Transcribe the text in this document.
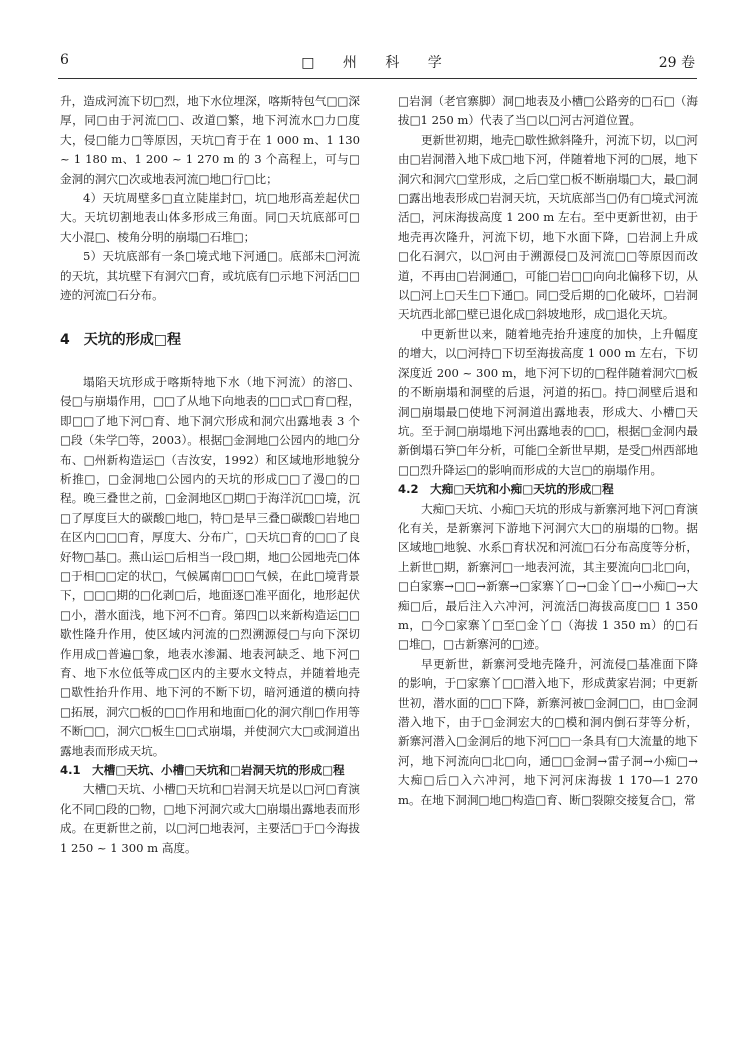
6	□ 州 科 学	29 卷

升，造成河流下切□烈，地下水位埋深，喀斯特包气□□深厚，同□由于河流□□、改道□繁，地下河流水□力□度大，侵□能力□等原因，天坑□育于在 1 000 m、1 130 ~ 1 180 m、1 200 ~ 1 270 m 的 3 个高程上，可与□金洞的洞穴□次或地表河流□地□行□比；

4）天坑周壁多□直立陡崖封□，坑□地形高差起伏□大。天坑切割地表山体多形成三角面。同□天坑底部可□大小混□、棱角分明的崩塌□石堆□；

5）天坑底部有一条□境式地下河通□。底部未□河流的天坑，其坑壁下有洞穴□育，或坑底有□示地下河活□□迹的河流□石分布。

4　天坑的形成□程

塌陷天坑形成于喀斯特地下水（地下河流）的溶□、侵□与崩塌作用，□□了从地下向地表的□□式□育□程，即□□了地下河□育、地下洞穴形成和洞穴出露地表 3 个□段（朱学□等，2003）。根据□金洞地□公园内的地□分布、□州新构造运□（吉汝安，1992）和区域地形地貌分析推□，□金洞地□公园内的天坑的形成□□了漫□的□程。晚三叠世之前，□金洞地区□期□于海洋沉□□境，沉□了厚度巨大的碳酸□地□，特□是早三叠□碳酸□岩地□在区内□□□育，厚度大、分布广，□天坑□育的□□了良好物□基□。燕山运□后相当一段□期，地□公园地壳□体□于相□□定的状□，气候属南□□□气候，在此□境背景下，□□□期的□化剥□后，地面逐□准平面化，地形起伏□小，潜水面浅，地下河不□育。第四□以来新构造运□□歇性隆升作用，使区域内河流的□烈溯源侵□与向下深切作用成□普遍□象，地表水渗漏、地表河缺乏、地下河□育、地下水位低等成□区内的主要水文特点，并随着地壳□歇性抬升作用、地下河的不断下切，暗河通道的横向持□拓展，洞穴□板的□□作用和地面□化的洞穴削□作用等不断□□，洞穴□板生□□式崩塌，并使洞穴大□或洞道出露地表而形成天坑。

4.1　大槽□天坑、小槽□天坑和□岩洞天坑的形成□程

大槽□天坑、小槽□天坑和□岩洞天坑是以□河□育演化不同□段的□物，□地下河洞穴或大□崩塌出露地表而形成。在更新世之前，以□河□地表河，主要活□于□今海拔 1 250 ~ 1 300 m 高度。

□岩洞（老官寨脚）洞□地表及小槽□公路旁的□石□（海拔□1 250 m）代表了当□以□河古河道位置。

更新世初期，地壳□歇性掀斜隆升，河流下切，以□河由□岩洞潜入地下成□地下河，伴随着地下河的□展，地下洞穴和洞穴□堂形成，之后□堂□板不断崩塌□大，最□洞□露出地表形成□岩洞天坑，天坑底部当□仍有□境式河流活□，河床海拔高度 1 200 m 左右。至中更新世初，由于地壳再次隆升，河流下切，地下水面下降，□岩洞上升成□化石洞穴，以□河由于溯源侵□及河流□□等原因而改道，不再由□岩洞通□，可能□岩□□向向北偏移下切，从以□河上□天生□下通□。同□受后期的□化破坏，□岩洞天坑西北部□壁已退化成□斜坡地形，成□退化天坑。

中更新世以来，随着地壳抬升速度的加快，上升幅度的增大，以□河持□下切至海拔高度 1 000 m 左右，下切深度近 200 ~ 300 m，地下河下切的□程伴随着洞穴□板的不断崩塌和洞壁的后退，河道的拓□。持□洞壁后退和洞□崩塌最□使地下河洞道出露地表，形成大、小槽□天坑。至于洞□崩塌地下河出露地表的□□，根据□金洞内最新倒塌石笋□年分析，可能□全新世早期，是受□州西部地□□烈升降运□的影响而形成的大岂□的崩塌作用。

4.2　大痴□天坑和小痴□天坑的形成□程

大痴□天坑、小痴□天坑的形成与新寨河地下河□育演化有关，是新寨河下游地下河洞穴大□的崩塌的□物。据区域地□地貌、水系□育状况和河流□石分布高度等分析，上新世□期，新寨河□一地表河流，其主要流向□北□向，□白家寨→□□→新寨→□家寨丫□→□金丫□→小痴□→大痴□后，最后注入六冲河，河流活□海拔高度□□ 1 350 m，□今□家寨丫□至□金丫□（海拔 1 350 m）的□石□堆□，□古新寨河的□迹。

早更新世，新寨河受地壳隆升，河流侵□基准面下降的影响，于□家寨丫□□潜入地下，形成黄家岩洞；中更新世初，潜水面的□□下降，新寨河被□金洞□□，由□金洞潜入地下，由于□金洞宏大的□模和洞内倒石芽等分析，新寨河潜入□金洞后的地下河□□一条具有□大流量的地下河，地下河流向□北□向，通□□金洞→雷子洞→小痴□→大痴□后□入六冲河，地下河河床海拔 1 170—1 270 m。在地下洞洞□地□构造□育、断□裂隙交接复合□，常
